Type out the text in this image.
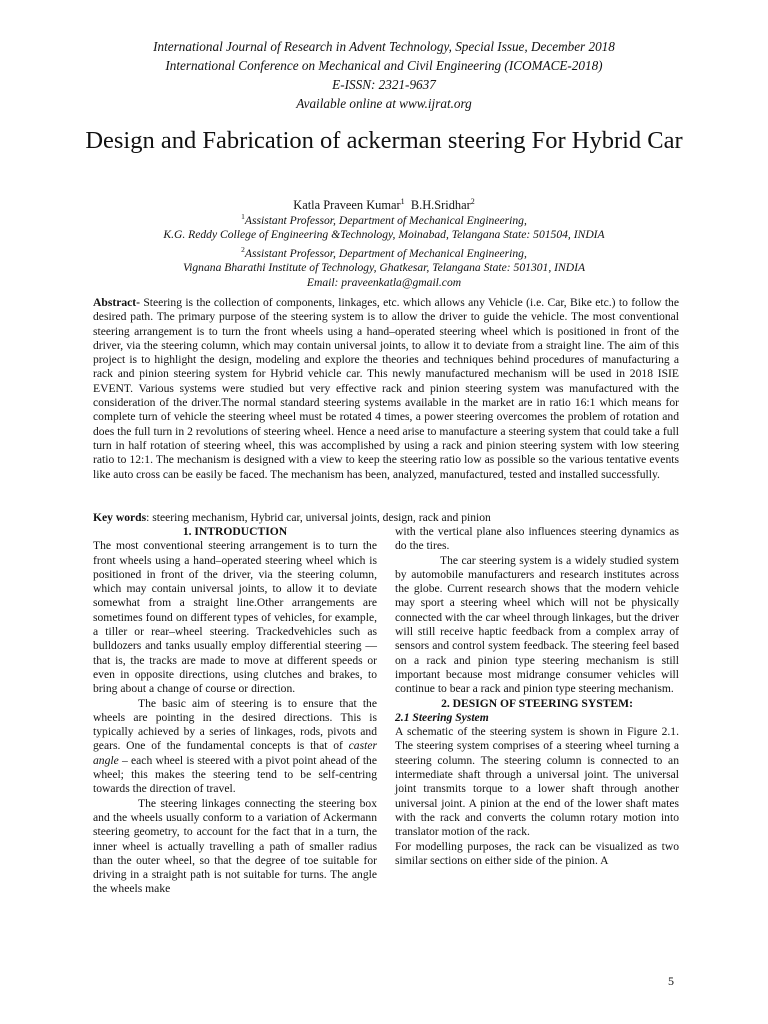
International Journal of Research in Advent Technology, Special Issue, December 2018
International Conference on Mechanical and Civil Engineering (ICOMACE-2018)
E-ISSN: 2321-9637
Available online at www.ijrat.org
Design and Fabrication of ackerman steering For Hybrid Car
Katla Praveen Kumar$^1$ B.H.Sridhar$^2$
$^1$Assistant Professor, Department of Mechanical Engineering,
K.G. Reddy College of Engineering &Technology, Moinabad, Telangana State: 501504, INDIA
$^2$Assistant Professor, Department of Mechanical Engineering,
Vignana Bharathi Institute of Technology, Ghatkesar, Telangana State: 501301, INDIA
Email: praveenkatla@gmail.com
Abstract- Steering is the collection of components, linkages, etc. which allows any Vehicle (i.e. Car, Bike etc.) to follow the desired path. The primary purpose of the steering system is to allow the driver to guide the vehicle. The most conventional steering arrangement is to turn the front wheels using a hand–operated steering wheel which is positioned in front of the driver, via the steering column, which may contain universal joints, to allow it to deviate from a straight line. The aim of this project is to highlight the design, modeling and explore the theories and techniques behind procedures of manufacturing a rack and pinion steering system for Hybrid vehicle car. This newly manufactured mechanism will be used in 2018 ISIE EVENT. Various systems were studied but very effective rack and pinion steering system was manufactured with the consideration of the driver.The normal standard steering systems available in the market are in ratio 16:1 which means for complete turn of vehicle the steering wheel must be rotated 4 times, a power steering overcomes the problem of rotation and does the full turn in 2 revolutions of steering wheel. Hence a need arise to manufacture a steering system that could take a full turn in half rotation of steering wheel, this was accomplished by using a rack and pinion steering system with low steering ratio to 12:1. The mechanism is designed with a view to keep the steering ratio low as possible so the various tentative events like auto cross can be easily be faced. The mechanism has been, analyzed, manufactured, tested and installed successfully.
Key words: steering mechanism, Hybrid car, universal joints, design, rack and pinion

1. INTRODUCTION

The most conventional steering arrangement is to turn the front wheels using a hand–operated steering wheel which is positioned in front of the driver, via the steering column, which may contain universal joints, to allow it to deviate somewhat from a straight line.Other arrangements are sometimes found on different types of vehicles, for example, a tiller or rear–wheel steering. Trackedvehicles such as bulldozers and tanks usually employ differential steering — that is, the tracks are made to move at different speeds or even in opposite directions, using clutches and brakes, to bring about a change of course or direction.

The basic aim of steering is to ensure that the wheels are pointing in the desired directions. This is typically achieved by a series of linkages, rods, pivots and gears. One of the fundamental concepts is that of caster angle – each wheel is steered with a pivot point ahead of the wheel; this makes the steering tend to be self-centring towards the direction of travel.

The steering linkages connecting the steering box and the wheels usually conform to a variation of Ackermann steering geometry, to account for the fact that in a turn, the inner wheel is actually travelling a path of smaller radius than the outer wheel, so that the degree of toe suitable for driving in a straight path is not suitable for turns. The angle the wheels make

with the vertical plane also influences steering dynamics as do the tires.

The car steering system is a widely studied system by automobile manufacturers and research institutes across the globe. Current research shows that the modern vehicle may sport a steering wheel which will not be physically connected with the car wheel through linkages, but the driver will still receive haptic feedback from a complex array of sensors and control system feedback. The steering feel based on a rack and pinion type steering mechanism is still important because most midrange consumer vehicles will continue to bear a rack and pinion type steering mechanism.

2. DESIGN OF STEERING SYSTEM:

2.1 Steering System

A schematic of the steering system is shown in Figure 2.1. The steering system comprises of a steering wheel turning a steering column. The steering column is connected to an intermediate shaft through a universal joint. The universal joint transmits torque to a lower shaft through another universal joint. A pinion at the end of the lower shaft mates with the rack and converts the column rotary motion into translator motion of the rack.

For modelling purposes, the rack can be visualized as two similar sections on either side of the pinion. A

5
